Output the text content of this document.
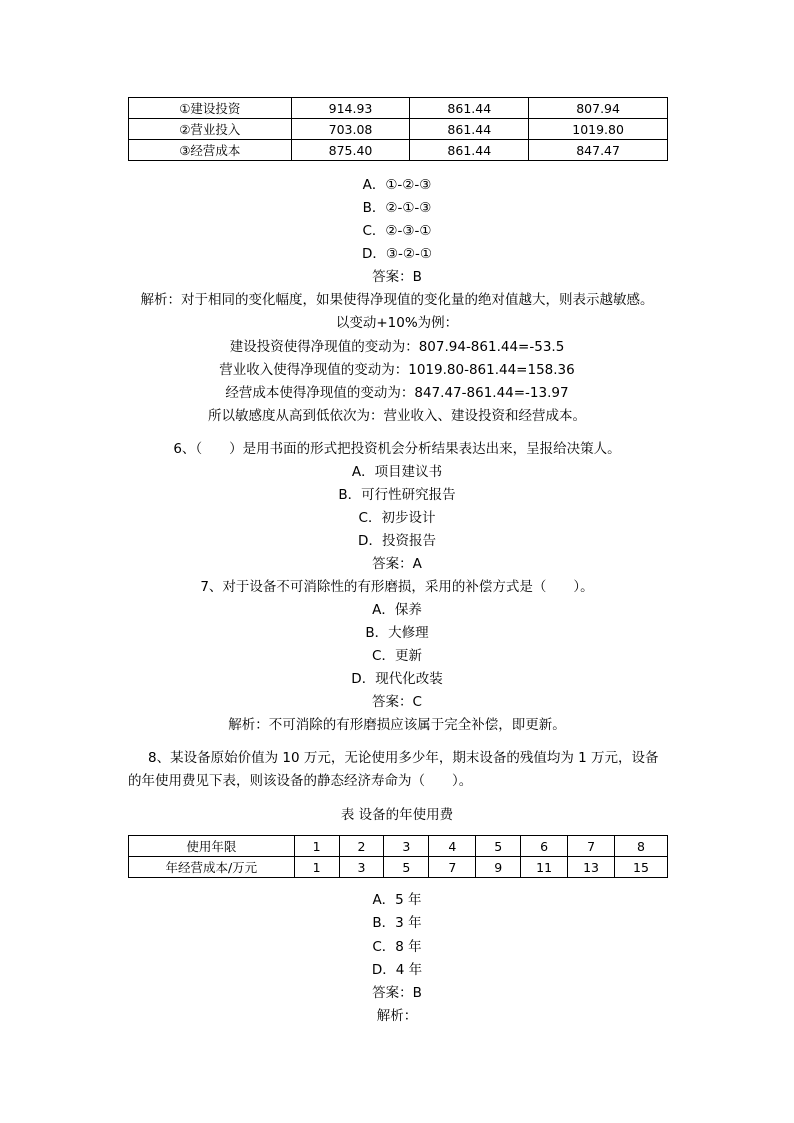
①建设投资	914.93	861.44	807.94
②营业投入	703.08	861.44	1019.80
③经营成本	875.40	861.44	847.47
A．①-②-③
B．②-①-③
C．②-③-①
D．③-②-①
答案：B
解析：对于相同的变化幅度，如果使得净现值的变化量的绝对值越大，则表示越敏感。
以变动+10%为例：
建设投资使得净现值的变动为：807.94-861.44=-53.5
营业收入使得净现值的变动为：1019.80-861.44=158.36
经营成本使得净现值的变动为：847.47-861.44=-13.97
所以敏感度从高到低依次为：营业收入、建设投资和经营成本。
6、（　　）是用书面的形式把投资机会分析结果表达出来，呈报给决策人。
A．项目建议书
B．可行性研究报告
C．初步设计
D．投资报告
答案：A
7、对于设备不可消除性的有形磨损，采用的补偿方式是（　　）。
A．保养
B．大修理
C．更新
D．现代化改装
答案：C
解析：不可消除的有形磨损应该属于完全补偿，即更新。
8、某设备原始价值为 10 万元，无论使用多少年，期末设备的残值均为 1 万元，设备
的年使用费见下表，则该设备的静态经济寿命为（　　）。
表 设备的年使用费
使用年限	1	2	3	4	5	6	7	8
年经营成本/万元	1	3	5	7	9	11	13	15
A．5 年
B．3 年
C．8 年
D．4 年
答案：B
解析：
